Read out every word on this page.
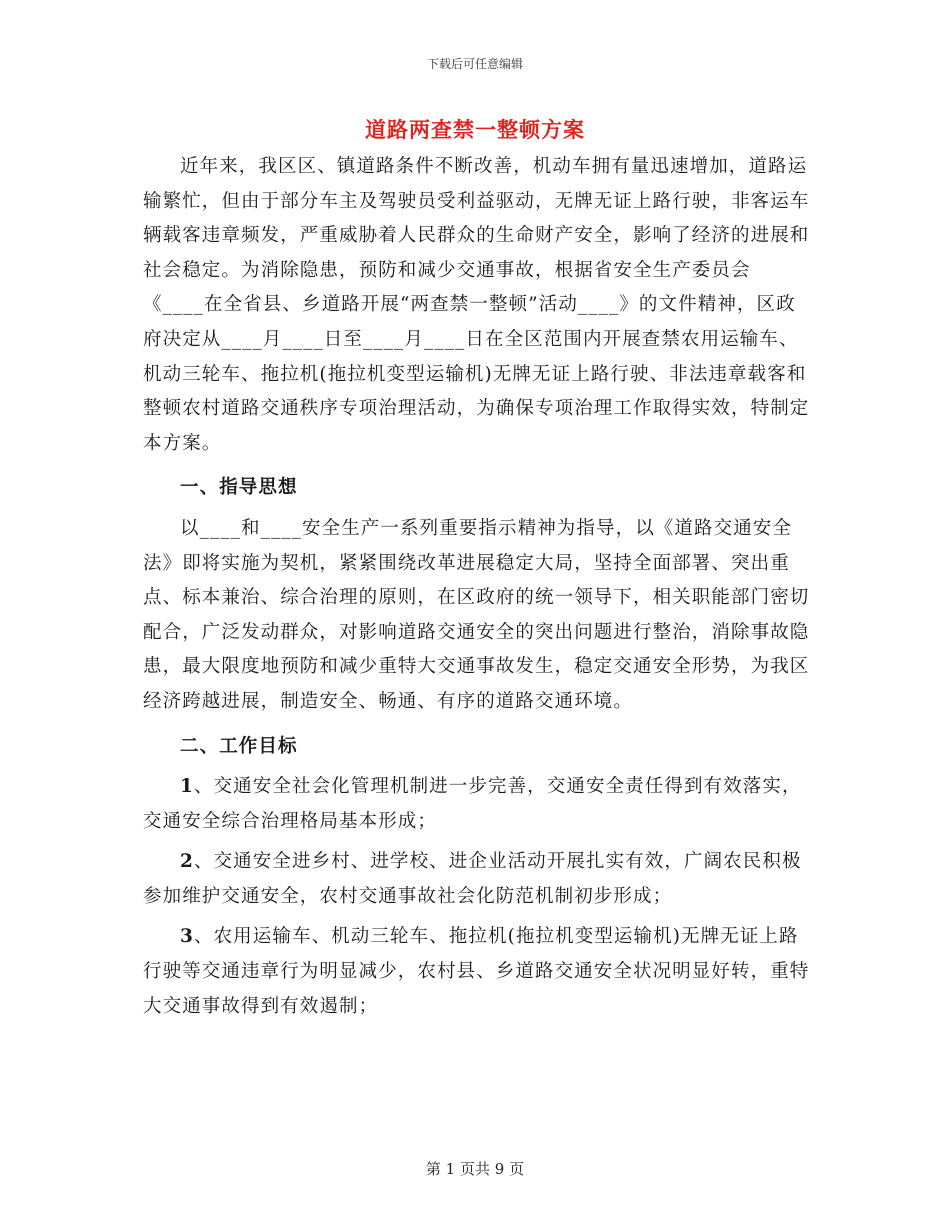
下载后可任意编辑
道路两查禁一整顿方案

近年来，我区区、镇道路条件不断改善，机动车拥有量迅速增加，道路运输繁忙，但由于部分车主及驾驶员受利益驱动，无牌无证上路行驶，非客运车辆载客违章频发，严重威胁着人民群众的生命财产安全，影响了经济的进展和社会稳定。为消除隐患，预防和减少交通事故，根据省安全生产委员会《____在全省县、乡道路开展“两查禁一整顿”活动____》的文件精神，区政府决定从____月____日至____月____日在全区范围内开展查禁农用运输车、机动三轮车、拖拉机(拖拉机变型运输机)无牌无证上路行驶、非法违章载客和整顿农村道路交通秩序专项治理活动，为确保专项治理工作取得实效，特制定本方案。

一、指导思想

以____和____安全生产一系列重要指示精神为指导，以《道路交通安全法》即将实施为契机，紧紧围绕改革进展稳定大局，坚持全面部署、突出重点、标本兼治、综合治理的原则，在区政府的统一领导下，相关职能部门密切配合，广泛发动群众，对影响道路交通安全的突出问题进行整治，消除事故隐患，最大限度地预防和减少重特大交通事故发生，稳定交通安全形势，为我区经济跨越进展，制造安全、畅通、有序的道路交通环境。

二、工作目标

1、交通安全社会化管理机制进一步完善，交通安全责任得到有效落实，交通安全综合治理格局基本形成；

2、交通安全进乡村、进学校、进企业活动开展扎实有效，广阔农民积极参加维护交通安全，农村交通事故社会化防范机制初步形成；

3、农用运输车、机动三轮车、拖拉机(拖拉机变型运输机)无牌无证上路行驶等交通违章行为明显减少，农村县、乡道路交通安全状况明显好转，重特大交通事故得到有效遏制；

第 1 页共 9 页
